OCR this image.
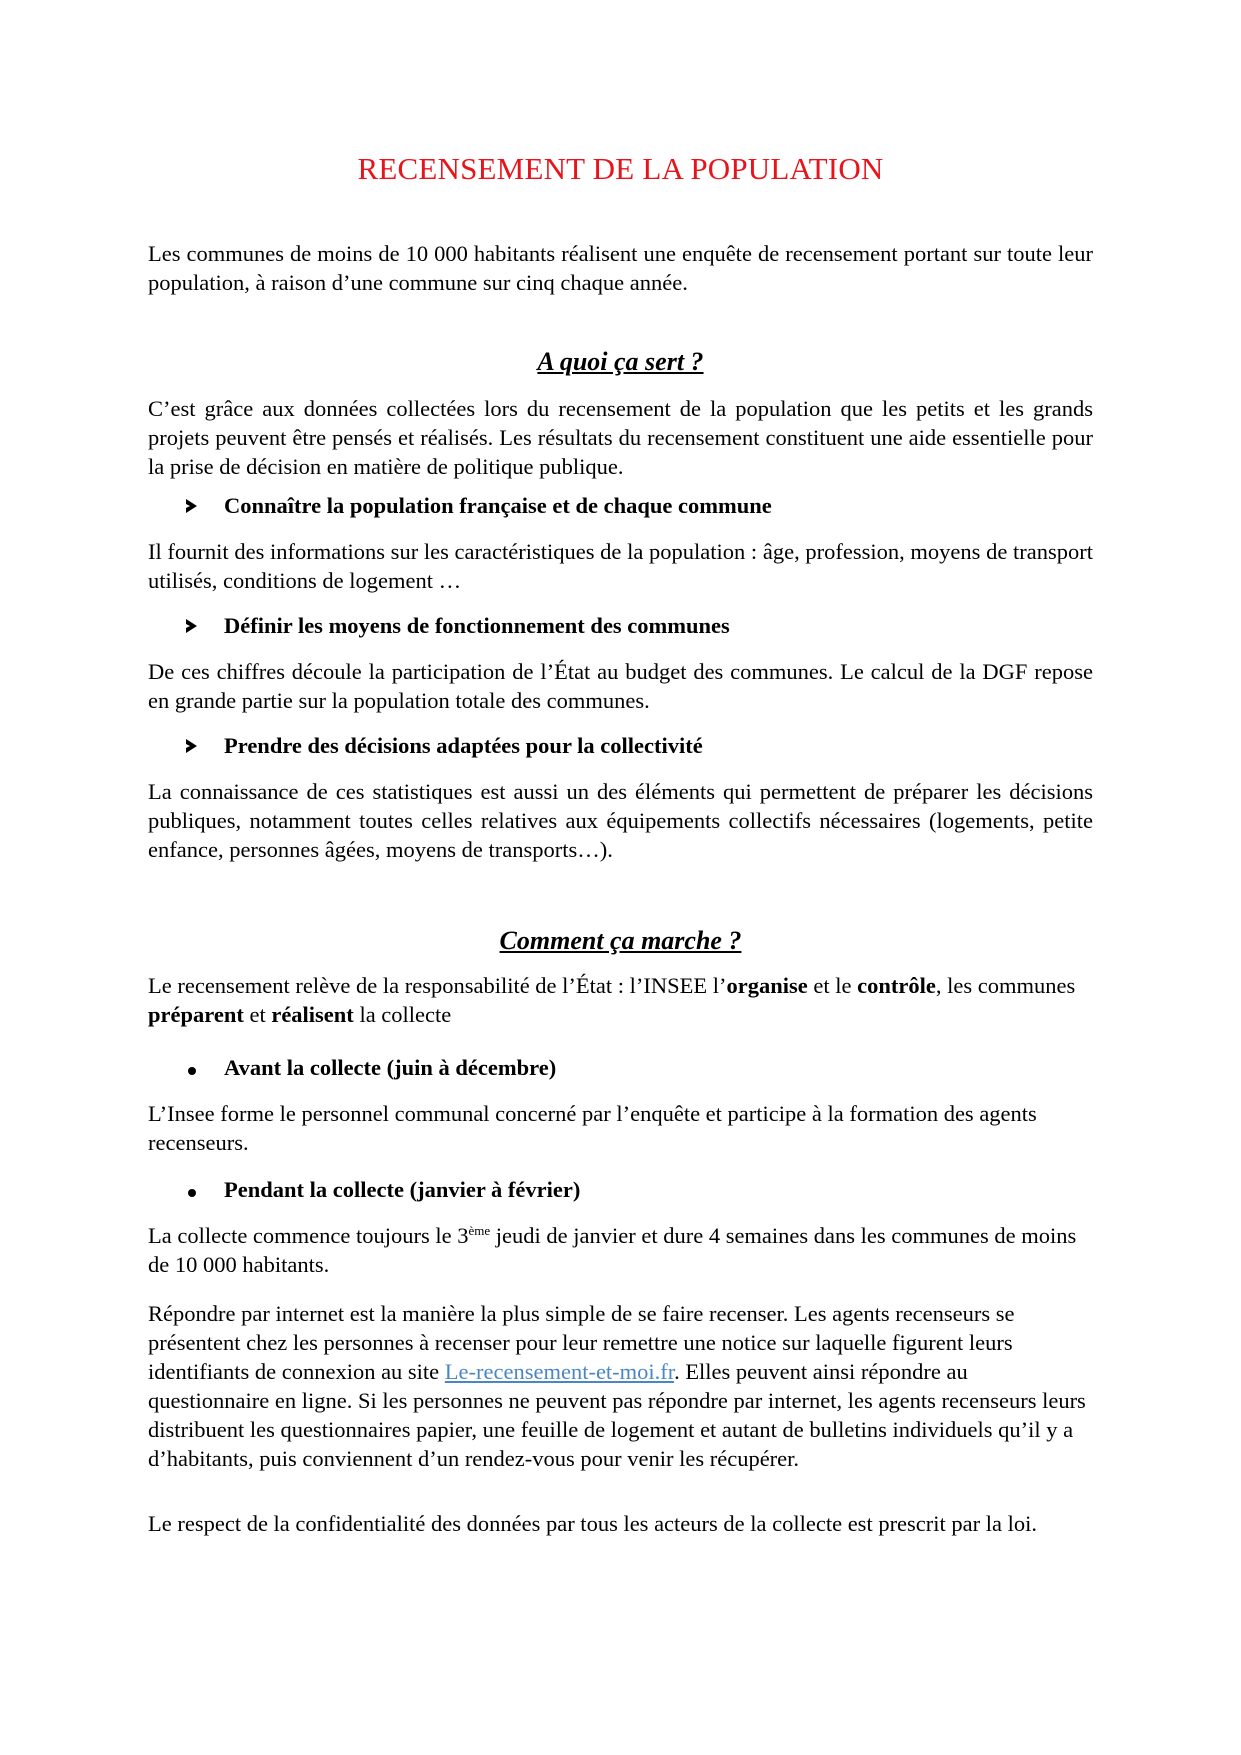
RECENSEMENT DE LA POPULATION

Les communes de moins de 10 000 habitants réalisent une enquête de recensement portant sur toute leur population, à raison d’une commune sur cinq chaque année.

A quoi ça sert ?

C’est grâce aux données collectées lors du recensement de la population que les petits et les grands projets peuvent être pensés et réalisés. Les résultats du recensement constituent une aide essentielle pour la prise de décision en matière de politique publique.

Connaître la population française et de chaque commune

Il fournit des informations sur les caractéristiques de la population : âge, profession, moyens de transport utilisés, conditions de logement …

Définir les moyens de fonctionnement des communes

De ces chiffres découle la participation de l’État au budget des communes. Le calcul de la DGF repose en grande partie sur la population totale des communes.

Prendre des décisions adaptées pour la collectivité

La connaissance de ces statistiques est aussi un des éléments qui permettent de préparer les décisions publiques, notamment toutes celles relatives aux équipements collectifs nécessaires (logements, petite enfance, personnes âgées, moyens de transports…).

Comment ça marche ?

Le recensement relève de la responsabilité de l’État : l’INSEE l’organise et le contrôle, les communes préparent et réalisent la collecte

Avant la collecte (juin à décembre)

L’Insee forme le personnel communal concerné par l’enquête et participe à la formation des agents recenseurs.

Pendant la collecte (janvier à février)

La collecte commence toujours le 3ème jeudi de janvier et dure 4 semaines dans les communes de moins de 10 000 habitants.

Répondre par internet est la manière la plus simple de se faire recenser. Les agents recenseurs se présentent chez les personnes à recenser pour leur remettre une notice sur laquelle figurent leurs identifiants de connexion au site Le-recensement-et-moi.fr. Elles peuvent ainsi répondre au questionnaire en ligne. Si les personnes ne peuvent pas répondre par internet, les agents recenseurs leurs distribuent les questionnaires papier, une feuille de logement et autant de bulletins individuels qu’il y a d’habitants, puis conviennent d’un rendez-vous pour venir les récupérer.

Le respect de la confidentialité des données par tous les acteurs de la collecte est prescrit par la loi.
